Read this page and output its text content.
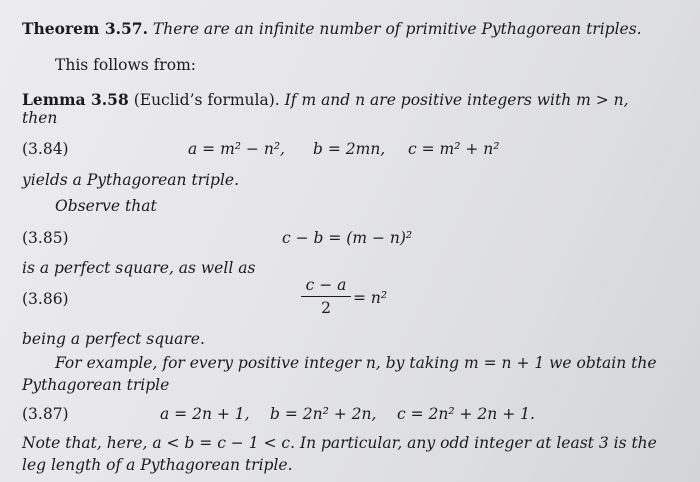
Theorem 3.57. There are an infinite number of primitive Pythagorean triples.
This follows from:
Lemma 3.58 (Euclid’s formula). If m and n are positive integers with m > n,
then
(3.84)	a = m² − n², b = 2mn, c = m² + n²
yields a Pythagorean triple.
Observe that
(3.85)	c − b = (m − n)²
is a perfect square, as well as
(3.86)
c − a
2
= n²
being a perfect square.
For example, for every positive integer n, by taking m = n + 1 we obtain the
Pythagorean triple
(3.87)	a = 2n + 1, b = 2n² + 2n, c = 2n² + 2n + 1.
Note that, here, a < b = c − 1 < c. In particular, any odd integer at least 3 is the
leg length of a Pythagorean triple.
